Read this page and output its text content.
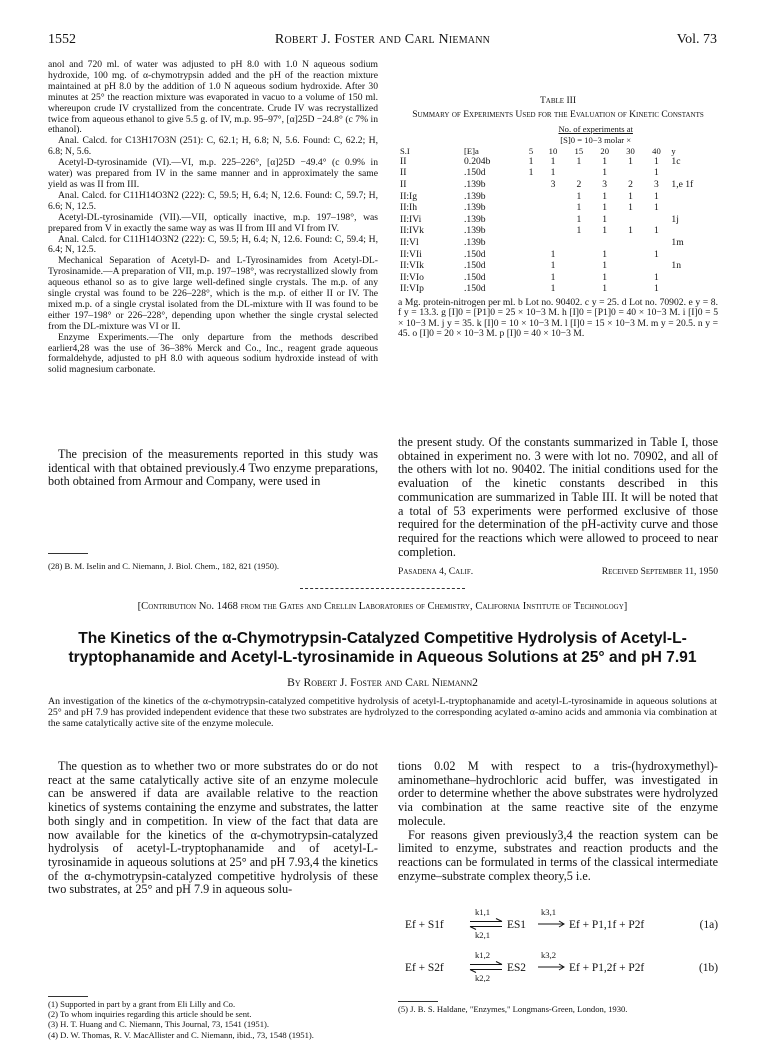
1552	Robert J. Foster and Carl Niemann	Vol. 73

anol and 720 ml. of water was adjusted to pH 8.0 with 1.0 N aqueous sodium hydroxide, 100 mg. of α-chymotrypsin added and the pH of the reaction mixture maintained at pH 8.0 by the addition of 1.0 N aqueous sodium hydroxide. After 30 minutes at 25° the reaction mixture was evaporated in vacuo to a volume of 150 ml. whereupon crude IV crystallized from the concentrate. Crude IV was recrystallized twice from aqueous ethanol to give 5.5 g. of IV, m.p. 95–97°, [α]25D −24.8° (c 7% in ethanol).

Anal. Calcd. for C13H17O3N (251): C, 62.1; H, 6.8; N, 5.6. Found: C, 62.2; H, 6.8; N, 5.6.

Acetyl-D-tyrosinamide (VI).—VI, m.p. 225–226°, [α]25D −49.4° (c 0.9% in water) was prepared from IV in the same manner and in approximately the same yield as was II from III.

Anal. Calcd. for C11H14O3N2 (222): C, 59.5; H, 6.4; N, 12.6. Found: C, 59.7; H, 6.6; N, 12.5.

Acetyl-DL-tyrosinamide (VII).—VII, optically inactive, m.p. 197–198°, was prepared from V in exactly the same way as was II from III and VI from IV.

Anal. Calcd. for C11H14O3N2 (222): C, 59.5; H, 6.4; N, 12.6. Found: C, 59.4; H, 6.4; N, 12.5.

Mechanical Separation of Acetyl-D- and L-Tyrosinamides from Acetyl-DL-Tyrosinamide.—A preparation of VII, m.p. 197–198°, was recrystallized slowly from aqueous ethanol so as to give large well-defined single crystals. The m.p. of any single crystal was found to be 226–228°, which is the m.p. of either II or IV. The mixed m.p. of a single crystal isolated from the DL-mixture with II was found to be either 197–198° or 226–228°, depending upon whether the single crystal selected from the DL-mixture was VI or II.

Enzyme Experiments.—The only departure from the methods described earlier4,28 was the use of 36–38% Merck and Co., Inc., reagent grade aqueous formaldehyde, adjusted to pH 8.0 with aqueous sodium hydroxide instead of with solid magnesium carbonate.

The precision of the measurements reported in this study was identical with that obtained previously.4 Two enzyme preparations, both obtained from Armour and Company, were used in

(28) B. M. Iselin and C. Niemann, J. Biol. Chem., 182, 821 (1950).
Table III
Summary of Experiments Used for the Evaluation of Kinetic Constants
		No. of experiments at						
		[S]0 = 10−3 molar ×						
S.I	[E]a	5	10	15	20	30	40	y
II	0.204b	1	1	1	1	1	1	1c
II	.150d	1	1		1		1	
II	.139b		3	2	3	2	3	1,e 1f
II:Ig	.139b			1	1	1	1	
II:Ih	.139b			1	1	1	1	
II:IVi	.139b			1	1			1j
II:IVk	.139b			1	1	1	1	
II:Vl	.139b							1m
II:VIi	.150d		1		1		1	
II:VIk	.150d		1		1			1n
II:VIo	.150d		1		1		1	
II:VIp	.150d		1		1		1	
a Mg. protein-nitrogen per ml. b Lot no. 90402. c y = 25. d Lot no. 70902. e y = 8. f y = 13.3. g [I]0 = [P1]0 = 25 × 10−3 M. h [I]0 = [P1]0 = 40 × 10−3 M. i [I]0 = 5 × 10−3 M. j y = 35. k [I]0 = 10 × 10−3 M. l [I]0 = 15 × 10−3 M. m y = 20.5. n y = 45. o [I]0 = 20 × 10−3 M. p [I]0 = 40 × 10−3 M.

the present study. Of the constants summarized in Table I, those obtained in experiment no. 3 were with lot no. 70902, and all of the others with lot no. 90402. The initial conditions used for the evaluation of the kinetic constants described in this communication are summarized in Table III. It will be noted that a total of 53 experiments were performed exclusive of those required for the determination of the pH-activity curve and those required for the reactions which were allowed to proceed to near completion.

Pasadena 4, Calif.	Received September 11, 1950
[Contribution No. 1468 from the Gates and Crellin Laboratories of Chemistry, California Institute of Technology]
The Kinetics of the α-Chymotrypsin-Catalyzed Competitive Hydrolysis of Acetyl-L-tryptophanamide and Acetyl-L-tyrosinamide in Aqueous Solutions at 25° and pH 7.91
By Robert J. Foster and Carl Niemann2
An investigation of the kinetics of the α-chymotrypsin-catalyzed competitive hydrolysis of acetyl-L-tryptophanamide and acetyl-L-tyrosinamide in aqueous solutions at 25° and pH 7.9 has provided independent evidence that these two substrates are hydrolyzed to the corresponding acylated α-amino acids and ammonia via combination at the same catalytically active site of the enzyme molecule.

The question as to whether two or more substrates do or do not react at the same catalytically active site of an enzyme molecule can be answered if data are available relative to the reaction kinetics of systems containing the enzyme and substrates, the latter both singly and in competition. In view of the fact that data are now available for the kinetics of the α-chymotrypsin-catalyzed hydrolysis of acetyl-L-tryptophanamide and of acetyl-L-tyrosinamide in aqueous solutions at 25° and pH 7.93,4 the kinetics of the α-chymotrypsin-catalyzed competitive hydrolysis of these two substrates, at 25° and pH 7.9 in aqueous solu-

(1) Supported in part by a grant from Eli Lilly and Co.
(2) To whom inquiries regarding this article should be sent.
(3) H. T. Huang and C. Niemann, This Journal, 73, 1541 (1951).
(4) D. W. Thomas, R. V. MacAllister and C. Niemann, ibid., 73, 1548 (1951).

tions 0.02 M with respect to a tris-(hydroxymethyl)-aminomethane–hydrochloric acid buffer, was investigated in order to determine whether the above substrates were hydrolyzed via combination at the same reactive site of the enzyme molecule.

For reasons given previously3,4 the reaction system can be limited to enzyme, substrates and reaction products and the reactions can be formulated in terms of the classical intermediate enzyme–substrate complex theory,5 i.e.

Ef + S1f
k1,1
k2,1
ES1
k3,1
Ef + P1,1f + P2f	(1a)
Ef + S2f
k1,2
k2,2
ES2
k3,2
Ef + P1,2f + P2f	(1b)
(5) J. B. S. Haldane, "Enzymes," Longmans-Green, London, 1930.
